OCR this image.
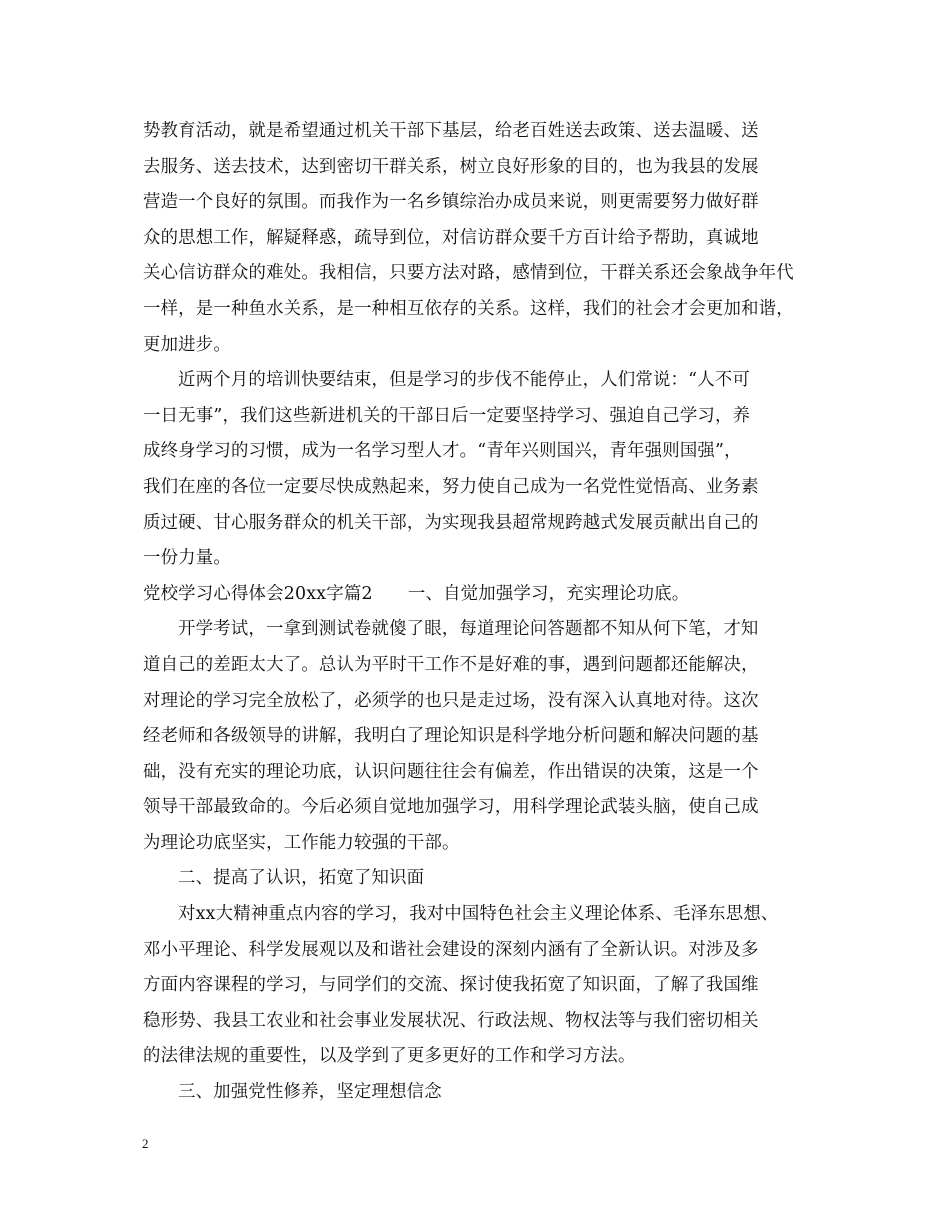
势教育活动，就是希望通过机关干部下基层，给老百姓送去政策、送去温暖、送
去服务、送去技术，达到密切干群关系，树立良好形象的目的，也为我县的发展
营造一个良好的氛围。而我作为一名乡镇综治办成员来说，则更需要努力做好群
众的思想工作，解疑释惑，疏导到位，对信访群众要千方百计给予帮助，真诚地
关心信访群众的难处。我相信，只要方法对路，感情到位，干群关系还会象战争年代
一样，是一种鱼水关系，是一种相互依存的关系。这样，我们的社会才会更加和谐，
更加进步。
近两个月的培训快要结束，但是学习的步伐不能停止，人们常说：“人不可
一日无事”，我们这些新进机关的干部日后一定要坚持学习、强迫自己学习，养
成终身学习的习惯，成为一名学习型人才。“青年兴则国兴，青年强则国强”，
我们在座的各位一定要尽快成熟起来，努力使自己成为一名党性觉悟高、业务素
质过硬、甘心服务群众的机关干部，为实现我县超常规跨越式发展贡献出自己的
一份力量。
党校学习心得体会20xx字篇2　　一、自觉加强学习，充实理论功底。
开学考试，一拿到测试卷就傻了眼，每道理论问答题都不知从何下笔，才知
道自己的差距太大了。总认为平时干工作不是好难的事，遇到问题都还能解决，
对理论的学习完全放松了，必须学的也只是走过场，没有深入认真地对待。这次
经老师和各级领导的讲解，我明白了理论知识是科学地分析问题和解决问题的基
础，没有充实的理论功底，认识问题往往会有偏差，作出错误的决策，这是一个
领导干部最致命的。今后必须自觉地加强学习，用科学理论武装头脑，使自己成
为理论功底坚实，工作能力较强的干部。
二、提高了认识，拓宽了知识面
对xx大精神重点内容的学习，我对中国特色社会主义理论体系、毛泽东思想、
邓小平理论、科学发展观以及和谐社会建设的深刻内涵有了全新认识。对涉及多
方面内容课程的学习，与同学们的交流、探讨使我拓宽了知识面，了解了我国维
稳形势、我县工农业和社会事业发展状况、行政法规、物权法等与我们密切相关
的法律法规的重要性，以及学到了更多更好的工作和学习方法。
三、加强党性修养，坚定理想信念
2
